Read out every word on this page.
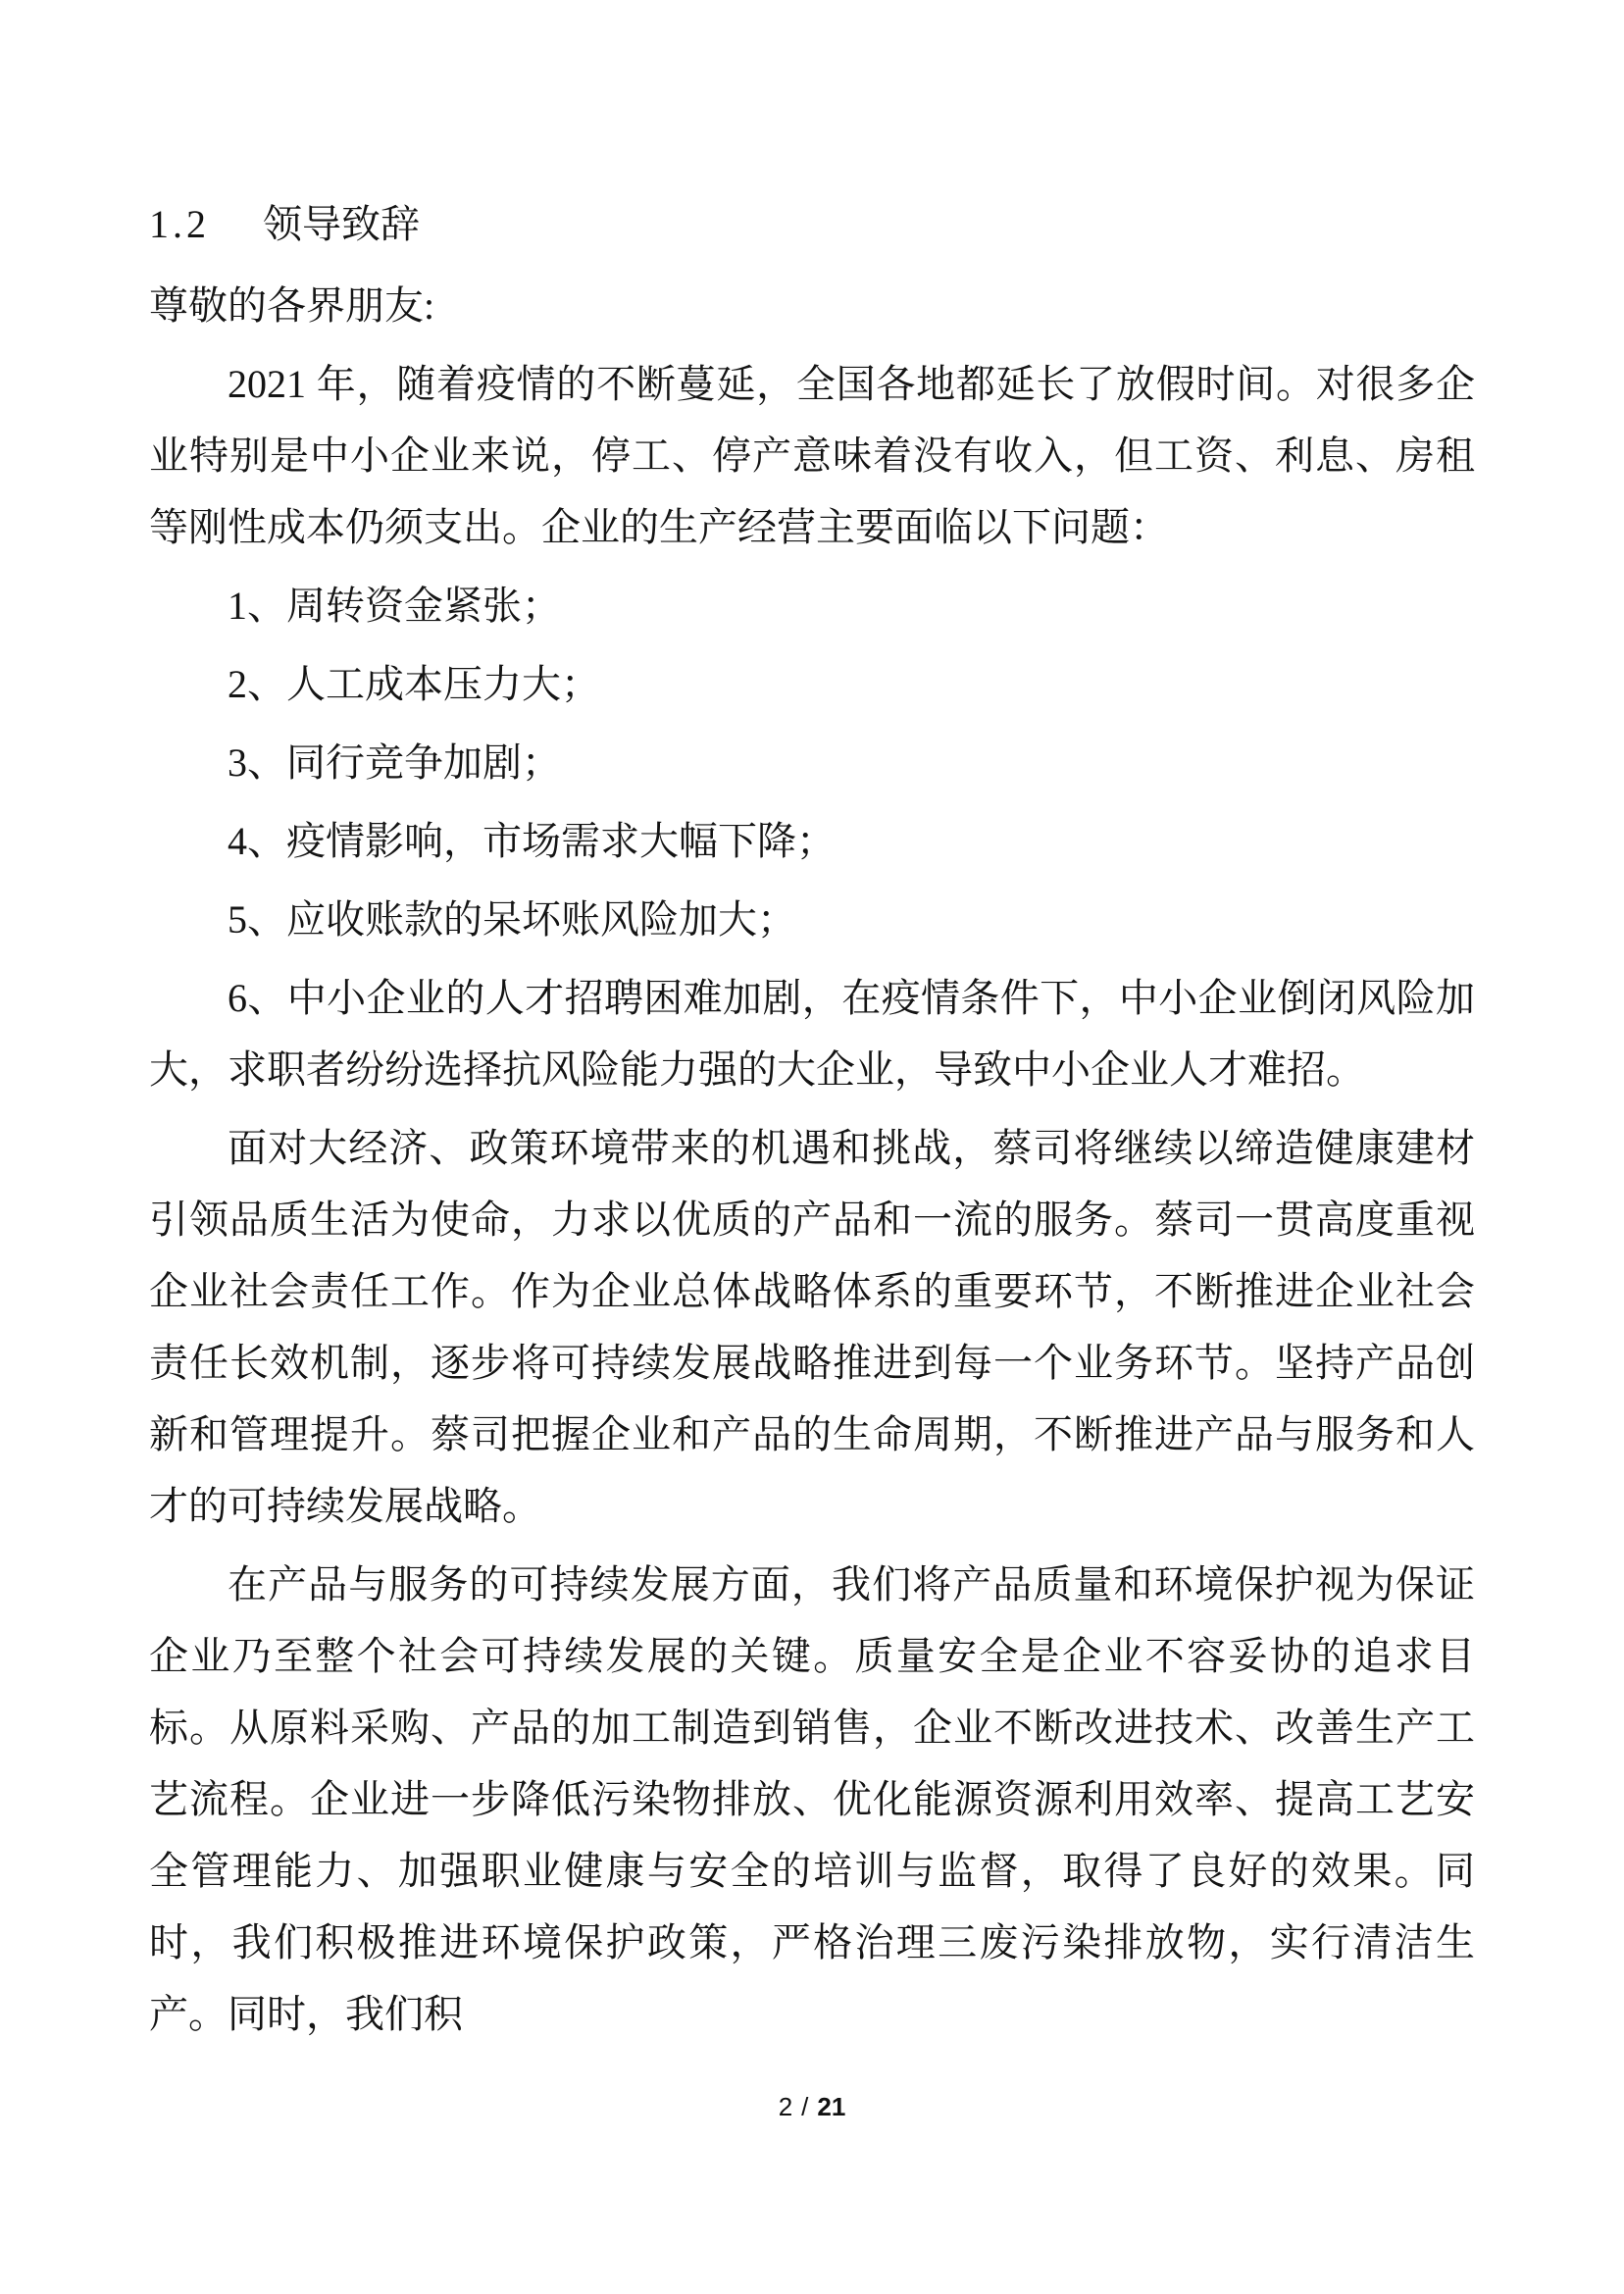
1.2 领导致辞

尊敬的各界朋友:

2021 年，随着疫情的不断蔓延，全国各地都延长了放假时间。对很多企业特别是中小企业来说，停工、停产意味着没有收入，但工资、利息、房租等刚性成本仍须支出。企业的生产经营主要面临以下问题：

1、周转资金紧张；

2、人工成本压力大；

3、同行竞争加剧；

4、疫情影响，市场需求大幅下降；

5、应收账款的呆坏账风险加大；

6、中小企业的人才招聘困难加剧，在疫情条件下，中小企业倒闭风险加大，求职者纷纷选择抗风险能力强的大企业，导致中小企业人才难招。

面对大经济、政策环境带来的机遇和挑战，蔡司将继续以缔造健康建材引领品质生活为使命，力求以优质的产品和一流的服务。蔡司一贯高度重视企业社会责任工作。作为企业总体战略体系的重要环节，不断推进企业社会责任长效机制，逐步将可持续发展战略推进到每一个业务环节。坚持产品创新和管理提升。蔡司把握企业和产品的生命周期，不断推进产品与服务和人才的可持续发展战略。

在产品与服务的可持续发展方面，我们将产品质量和环境保护视为保证企业乃至整个社会可持续发展的关键。质量安全是企业不容妥协的追求目标。从原料采购、产品的加工制造到销售，企业不断改进技术、改善生产工艺流程。企业进一步降低污染物排放、优化能源资源利用效率、提高工艺安全管理能力、加强职业健康与安全的培训与监督，取得了良好的效果。同时，我们积极推进环境保护政策，严格治理三废污染排放物，实行清洁生产。同时，我们积

2 / 21
